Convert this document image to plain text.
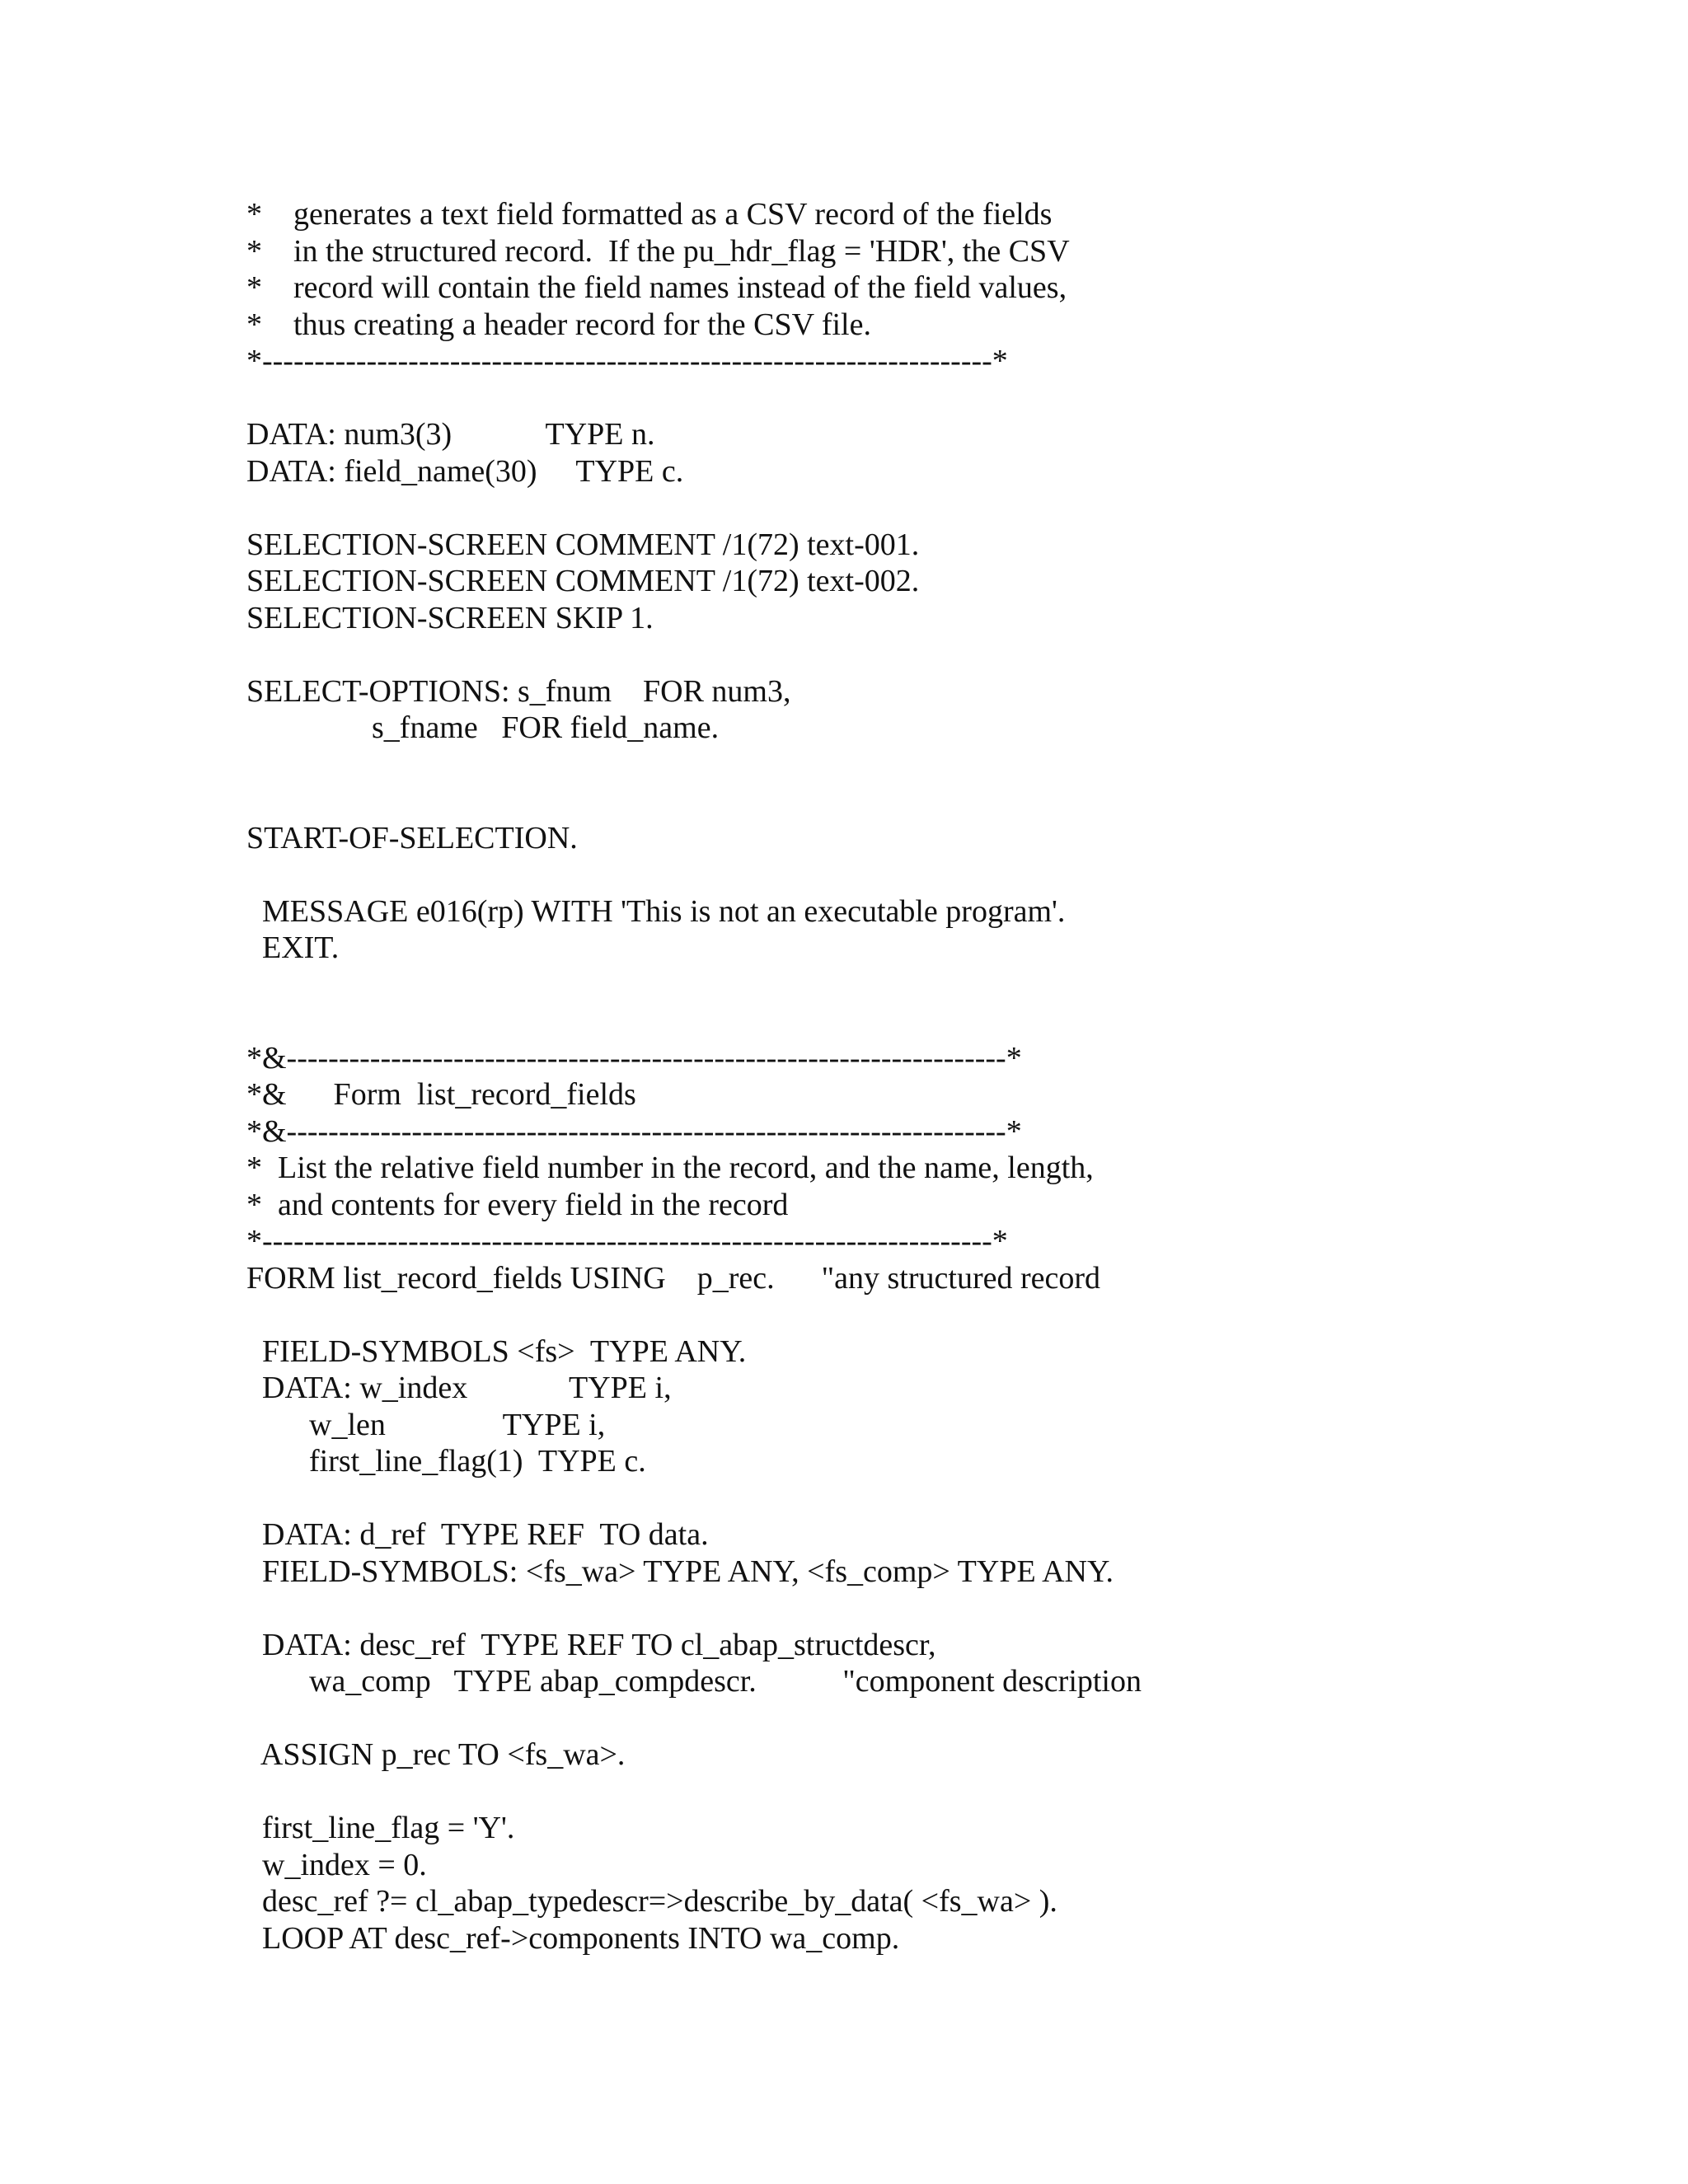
*    generates a text field formatted as a CSV record of the fields
*    in the structured record.  If the pu_hdr_flag = 'HDR', the CSV
*    record will contain the field names instead of the field values,
*    thus creating a header record for the CSV file.
*----------------------------------------------------------------------*
DATA: num3(3)            TYPE n.
DATA: field_name(30)     TYPE c.
SELECTION-SCREEN COMMENT /1(72) text-001.
SELECTION-SCREEN COMMENT /1(72) text-002.
SELECTION-SCREEN SKIP 1.
SELECT-OPTIONS: s_fnum    FOR num3,
s_fname   FOR field_name.
START-OF-SELECTION.
MESSAGE e016(rp) WITH 'This is not an executable program'.
EXIT.
*&---------------------------------------------------------------------*
*&      Form  list_record_fields
*&---------------------------------------------------------------------*
*  List the relative field number in the record, and the name, length,
*  and contents for every field in the record
*----------------------------------------------------------------------*
FORM list_record_fields USING    p_rec.      "any structured record
FIELD-SYMBOLS <fs>  TYPE ANY.
DATA: w_index             TYPE i,
w_len               TYPE i,
first_line_flag(1)  TYPE c.
DATA: d_ref  TYPE REF  TO data.
FIELD-SYMBOLS: <fs_wa> TYPE ANY, <fs_comp> TYPE ANY.
DATA: desc_ref  TYPE REF TO cl_abap_structdescr,
wa_comp   TYPE abap_compdescr.           "component description
ASSIGN p_rec TO <fs_wa>.
first_line_flag = 'Y'.
w_index = 0.
desc_ref ?= cl_abap_typedescr=>describe_by_data( <fs_wa> ).
LOOP AT desc_ref->components INTO wa_comp.
